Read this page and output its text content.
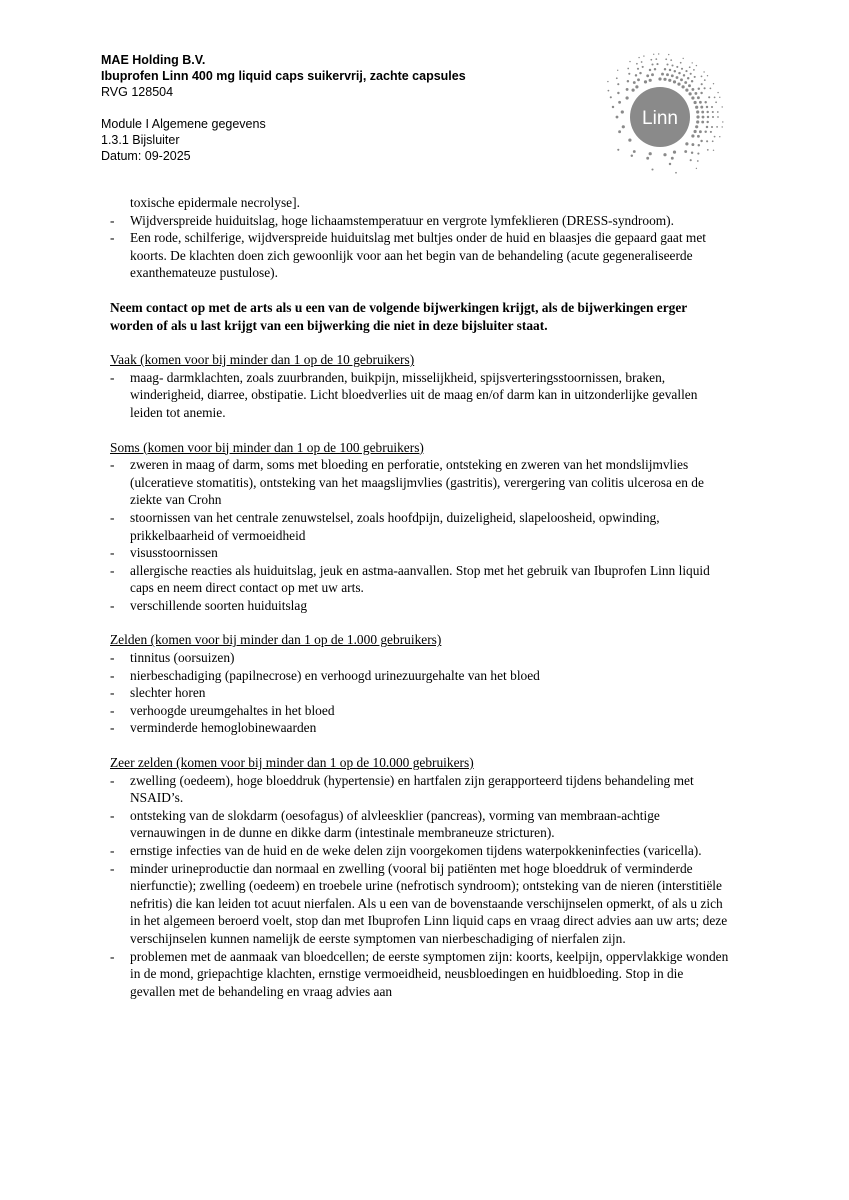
MAE Holding B.V.
Ibuprofen Linn 400 mg liquid caps suikervrij, zachte capsules
RVG 128504
Module I Algemene gegevens
1.3.1 Bijsluiter
Datum: 09-2025
Linn

toxische epidermale necrolyse].

- Wijdverspreide huiduitslag, hoge lichaamstemperatuur en vergrote lymfeklieren (DRESS-syndroom).
- Een rode, schilferige, wijdverspreide huiduitslag met bultjes onder de huid en blaasjes die gepaard gaat met koorts. De klachten doen zich gewoonlijk voor aan het begin van de behandeling (acute gegeneraliseerde exanthemateuze pustulose).

Neem contact op met de arts als u een van de volgende bijwerkingen krijgt, als de bijwerkingen erger worden of als u last krijgt van een bijwerking die niet in deze bijsluiter staat.

Vaak (komen voor bij minder dan 1 op de 10 gebruikers)

- maag- darmklachten, zoals zuurbranden, buikpijn, misselijkheid, spijsverteringsstoornissen, braken, winderigheid, diarree, obstipatie. Licht bloedverlies uit de maag en/of darm kan in uitzonderlijke gevallen leiden tot anemie.

Soms (komen voor bij minder dan 1 op de 100 gebruikers)

- zweren in maag of darm, soms met bloeding en perforatie, ontsteking en zweren van het mondslijmvlies (ulceratieve stomatitis), ontsteking van het maagslijmvlies (gastritis), verergering van colitis ulcerosa en de ziekte van Crohn
- stoornissen van het centrale zenuwstelsel, zoals hoofdpijn, duizeligheid, slapeloosheid, opwinding, prikkelbaarheid of vermoeidheid
- visusstoornissen
- allergische reacties als huiduitslag, jeuk en astma-aanvallen. Stop met het gebruik van Ibuprofen Linn liquid caps en neem direct contact op met uw arts.
- verschillende soorten huiduitslag

Zelden (komen voor bij minder dan 1 op de 1.000 gebruikers)

- tinnitus (oorsuizen)
- nierbeschadiging (papilnecrose) en verhoogd urinezuurgehalte van het bloed
- slechter horen
- verhoogde ureumgehaltes in het bloed
- verminderde hemoglobinewaarden

Zeer zelden (komen voor bij minder dan 1 op de 10.000 gebruikers)

- zwelling (oedeem), hoge bloeddruk (hypertensie) en hartfalen zijn gerapporteerd tijdens behandeling met NSAID’s.
- ontsteking van de slokdarm (oesofagus) of alvleesklier (pancreas), vorming van membraan-achtige vernauwingen in de dunne en dikke darm (intestinale membraneuze stricturen).
- ernstige infecties van de huid en de weke delen zijn voorgekomen tijdens waterpokkeninfecties (varicella).
- minder urineproductie dan normaal en zwelling (vooral bij patiënten met hoge bloeddruk of verminderde nierfunctie); zwelling (oedeem) en troebele urine (nefrotisch syndroom); ontsteking van de nieren (interstitiële nefritis) die kan leiden tot acuut nierfalen. Als u een van de bovenstaande verschijnselen opmerkt, of als u zich in het algemeen beroerd voelt, stop dan met Ibuprofen Linn liquid caps en vraag direct advies aan uw arts; deze verschijnselen kunnen namelijk de eerste symptomen van nierbeschadiging of nierfalen zijn.
- problemen met de aanmaak van bloedcellen; de eerste symptomen zijn: koorts, keelpijn, oppervlakkige wonden in de mond, griepachtige klachten, ernstige vermoeidheid, neusbloedingen en huidbloeding. Stop in die gevallen met de behandeling en vraag advies aan
